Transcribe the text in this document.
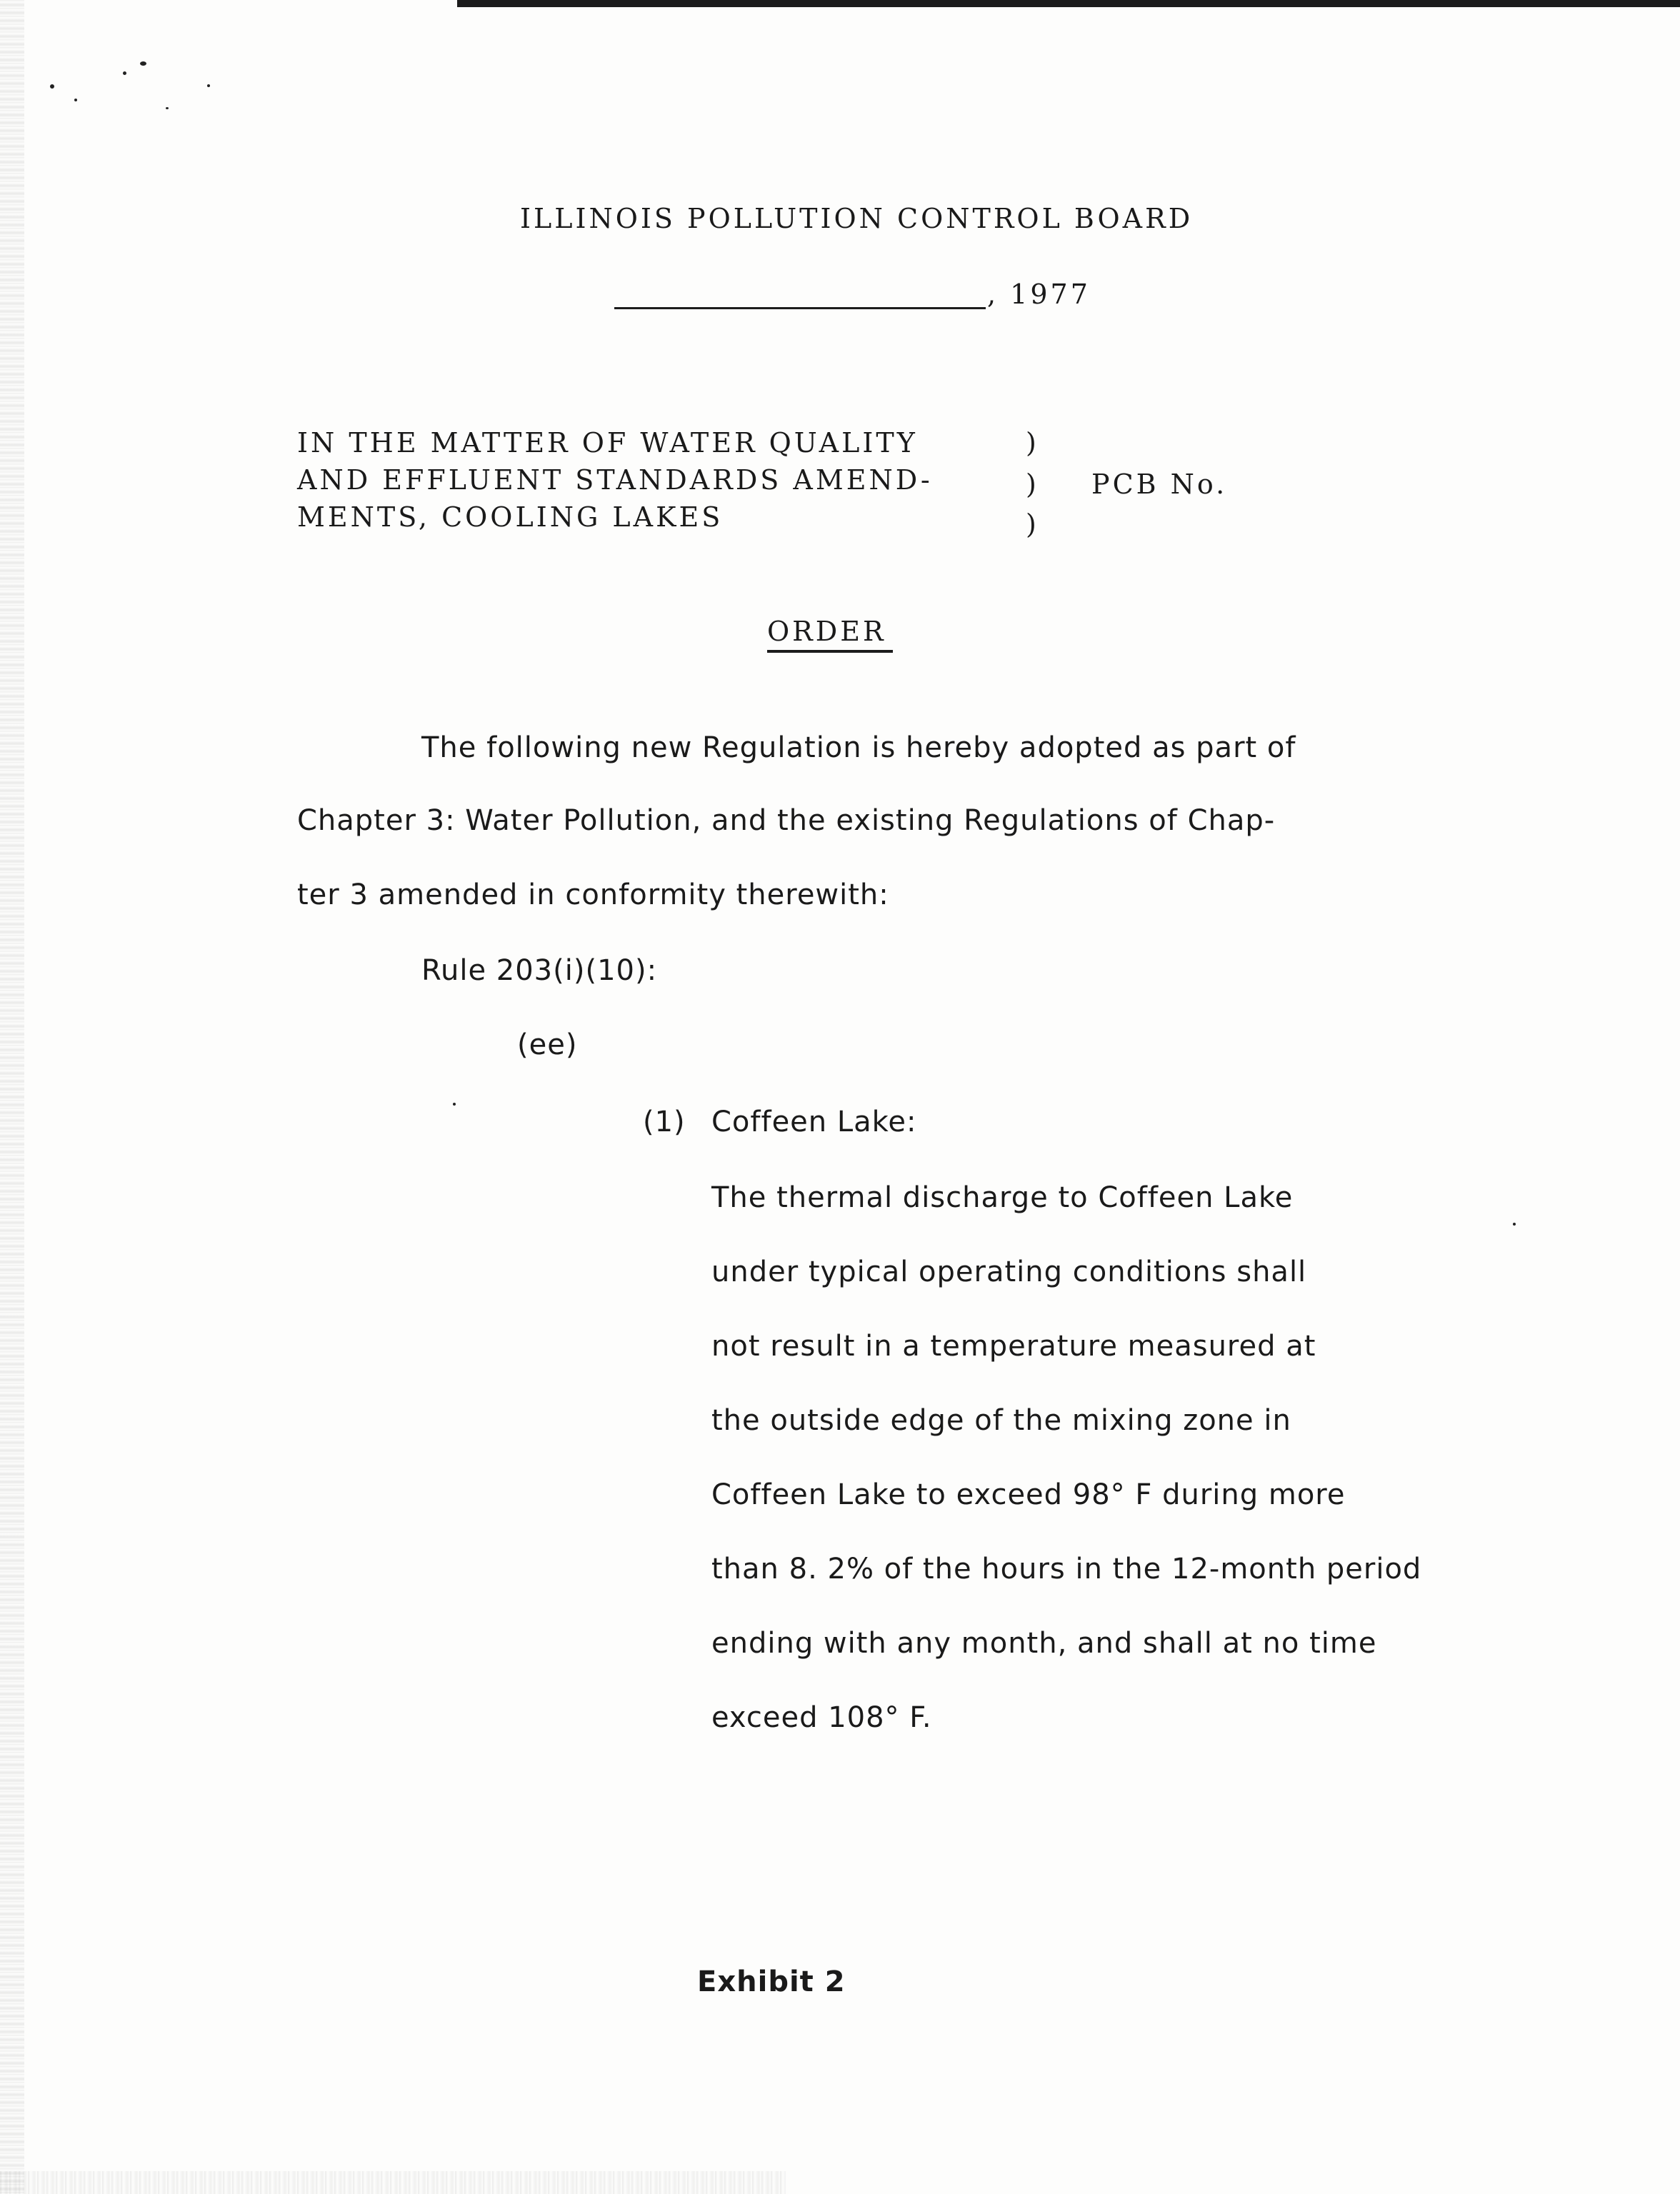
ILLINOIS POLLUTION CONTROL BOARD
, 1977
IN THE MATTER OF WATER QUALITY
AND EFFLUENT STANDARDS AMEND-
MENTS, COOLING LAKES
)
)
)
PCB No.
ORDER
The following new Regulation is hereby adopted as part of
Chapter 3: Water Pollution, and the existing Regulations of Chap-
ter 3 amended in conformity therewith:
Rule 203(i)(10):
(ee)
(1) Coffeen Lake:
The thermal discharge to Coffeen Lake
under typical operating conditions shall
not result in a temperature measured at
the outside edge of the mixing zone in
Coffeen Lake to exceed 98° F during more
than 8. 2% of the hours in the 12-month period
ending with any month, and shall at no time
exceed 108° F.
Exhibit 2
